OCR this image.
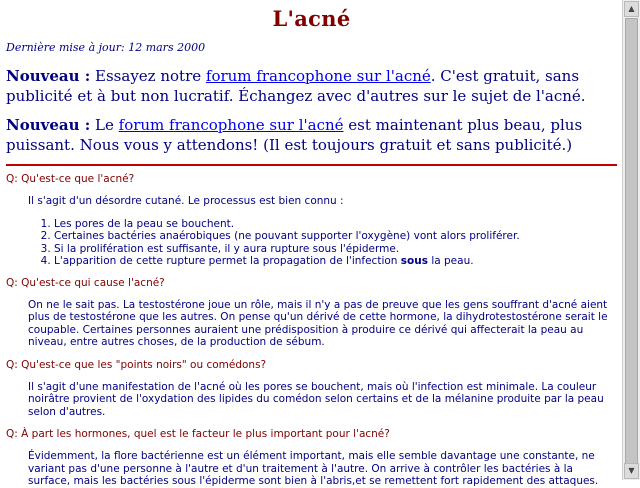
L'acné
Dernière mise à jour: 12 mars 2000

Nouveau : Essayez notre forum francophone sur l'acné. C'est gratuit, sans publicité et à but non lucratif. Échangez avec d'autres sur le sujet de l'acné.

Nouveau : Le forum francophone sur l'acné est maintenant plus beau, plus puissant. Nous vous y attendons! (Il est toujours gratuit et sans publicité.)

Q: Qu'est-ce que l'acné?
Il s'agit d'un désordre cutané. Le processus est bien connu :
1. Les pores de la peau se bouchent.
2. Certaines bactéries anaérobiques (ne pouvant supporter l'oxygène) vont alors proliférer.
3. Si la prolifération est suffisante, il y aura rupture sous l'épiderme.
4. L'apparition de cette rupture permet la propagation de l'infection sous la peau.
Q: Qu'est-ce qui cause l'acné?
On ne le sait pas. La testostérone joue un rôle, mais il n'y a pas de preuve que les gens souffrant d'acné aient plus de testostérone que les autres. On pense qu'un dérivé de cette hormone, la dihydrotestostérone serait le coupable. Certaines personnes auraient une prédisposition à produire ce dérivé qui affecterait la peau au niveau, entre autres choses, de la production de sébum.
Q: Qu'est-ce que les "points noirs" ou comédons?
Il s'agit d'une manifestation de l'acné où les pores se bouchent, mais où l'infection est minimale. La couleur noirâtre provient de l'oxydation des lipides du comédon selon certains et de la mélanine produite par la peau selon d'autres.
Q: À part les hormones, quel est le facteur le plus important pour l'acné?
Évidemment, la flore bactérienne est un élément important, mais elle semble davantage une constante, ne variant pas d'une personne à l'autre et d'un traitement à l'autre. On arrive à contrôler les bactéries à la surface, mais les bactéries sous l'épiderme sont bien à l'abris,et se remettent fort rapidement des attaques.
▲
▼
